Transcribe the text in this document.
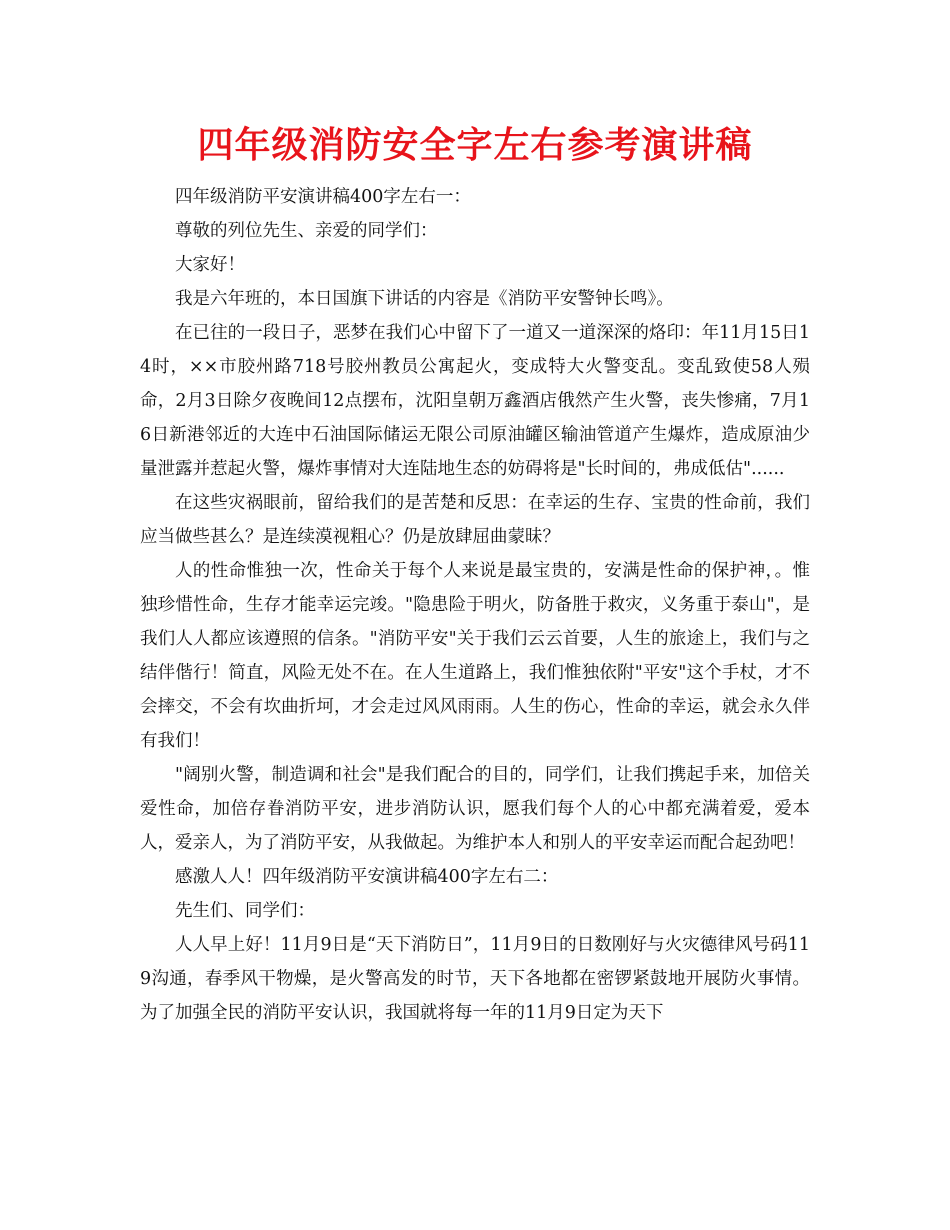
四年级消防安全字左右参考演讲稿

四年级消防平安演讲稿400字左右一：

尊敬的列位先生、亲爱的同学们：

大家好！

我是六年班的，本日国旗下讲话的内容是《消防平安警钟长鸣》。

在已往的一段日子，恶梦在我们心中留下了一道又一道深深的烙印：年11月15日14时，××市胶州路718号胶州教员公寓起火，变成特大火警变乱。变乱致使58人殒命，2月3日除夕夜晚间12点摆布，沈阳皇朝万鑫酒店俄然产生火警，丧失惨痛，7月16日新港邻近的大连中石油国际储运无限公司原油罐区输油管道产生爆炸，造成原油少量泄露并惹起火警，爆炸事情对大连陆地生态的妨碍将是"长时间的，弗成低估"......

在这些灾祸眼前，留给我们的是苦楚和反思：在幸运的生存、宝贵的性命前，我们应当做些甚么？是连续漠视粗心？仍是放肆屈曲蒙昧？

人的性命惟独一次，性命关于每个人来说是最宝贵的，安满是性命的保护神，。惟独珍惜性命，生存才能幸运完竣。"隐患险于明火，防备胜于救灾，义务重于泰山"，是我们人人都应该遵照的信条。"消防平安"关于我们云云首要，人生的旅途上，我们与之结伴偕行！简直，风险无处不在。在人生道路上，我们惟独依附"平安"这个手杖，才不会摔交，不会有坎曲折坷，才会走过风风雨雨。人生的伤心，性命的幸运，就会永久伴有我们！

"阔别火警，制造调和社会"是我们配合的目的，同学们，让我们携起手来，加倍关爱性命，加倍存眷消防平安，进步消防认识，愿我们每个人的心中都充满着爱，爱本人，爱亲人，为了消防平安，从我做起。为维护本人和别人的平安幸运而配合起劲吧！

感激人人！四年级消防平安演讲稿400字左右二：

先生们、同学们：

人人早上好！11月9日是“天下消防日”，11月9日的日数刚好与火灾德律风号码119沟通，春季风干物燥，是火警高发的时节，天下各地都在密锣紧鼓地开展防火事情。为了加强全民的消防平安认识，我国就将每一年的11月9日定为天下
